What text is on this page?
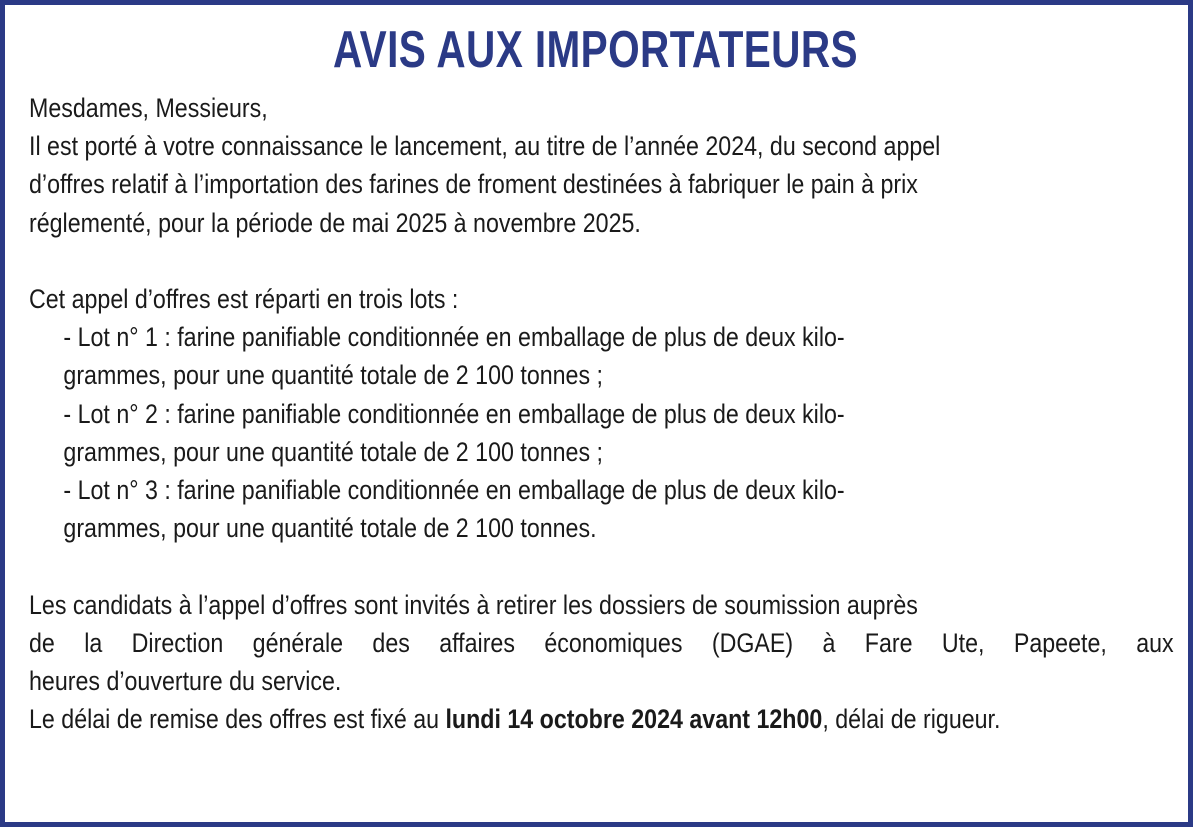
AVIS AUX IMPORTATEURS
Mesdames, Messieurs,
Il est porté à votre connaissance le lancement, au titre de l’année 2024, du second appel
d’offres relatif à l’importation des farines de froment destinées à fabriquer le pain à prix
réglementé, pour la période de mai 2025 à novembre 2025.
Cet appel d’offres est réparti en trois lots :
- Lot n° 1 : farine panifiable conditionnée en emballage de plus de deux kilo-
grammes, pour une quantité totale de 2 100 tonnes ;
- Lot n° 2 : farine panifiable conditionnée en emballage de plus de deux kilo-
grammes, pour une quantité totale de 2 100 tonnes ;
- Lot n° 3 : farine panifiable conditionnée en emballage de plus de deux kilo-
grammes, pour une quantité totale de 2 100 tonnes.
Les candidats à l’appel d’offres sont invités à retirer les dossiers de soumission auprès
de la Direction générale des affaires économiques (DGAE) à Fare Ute, Papeete, aux
heures d’ouverture du service.
Le délai de remise des offres est fixé au lundi 14 octobre 2024 avant 12h00, délai de rigueur.
